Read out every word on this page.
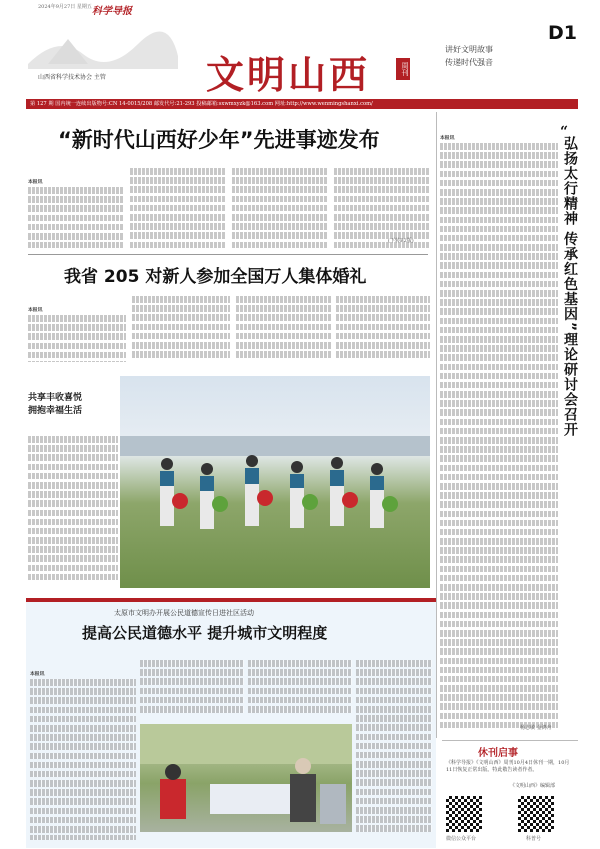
2024年9月27日 星期五 科学导报
山西省科学技术协会 主管	文明山西	周刊
讲好文明故事
传递时代强音
D1
第 127 期 国内统一连续出版物号:CN 14-0015/208 邮发代号:21-293 投稿邮箱:sxwmxyzk@163.com 网址:http://www.wenmingshanxi.com/
“新时代山西好少年”先进事迹发布
本报讯

(下转B2版)
我省 205 对新人参加全国万人集体婚礼
本报讯

共享丰收喜悦
拥抱幸福生活

本报讯	“
弘扬太行精神 传承红色基因”理论研讨会召开
杨志敏 金鸿舟
太原市文明办开展公民道德宣传日进社区活动
提高公民道德水平 提升城市文明程度
本报讯

休刊启事
《科学导报》《文明山西》周刊10月4日休刊一期，10月11日恢复正常出版。特此敬告读者作者。
《文明山西》编辑部
微信公众平台	科普号
